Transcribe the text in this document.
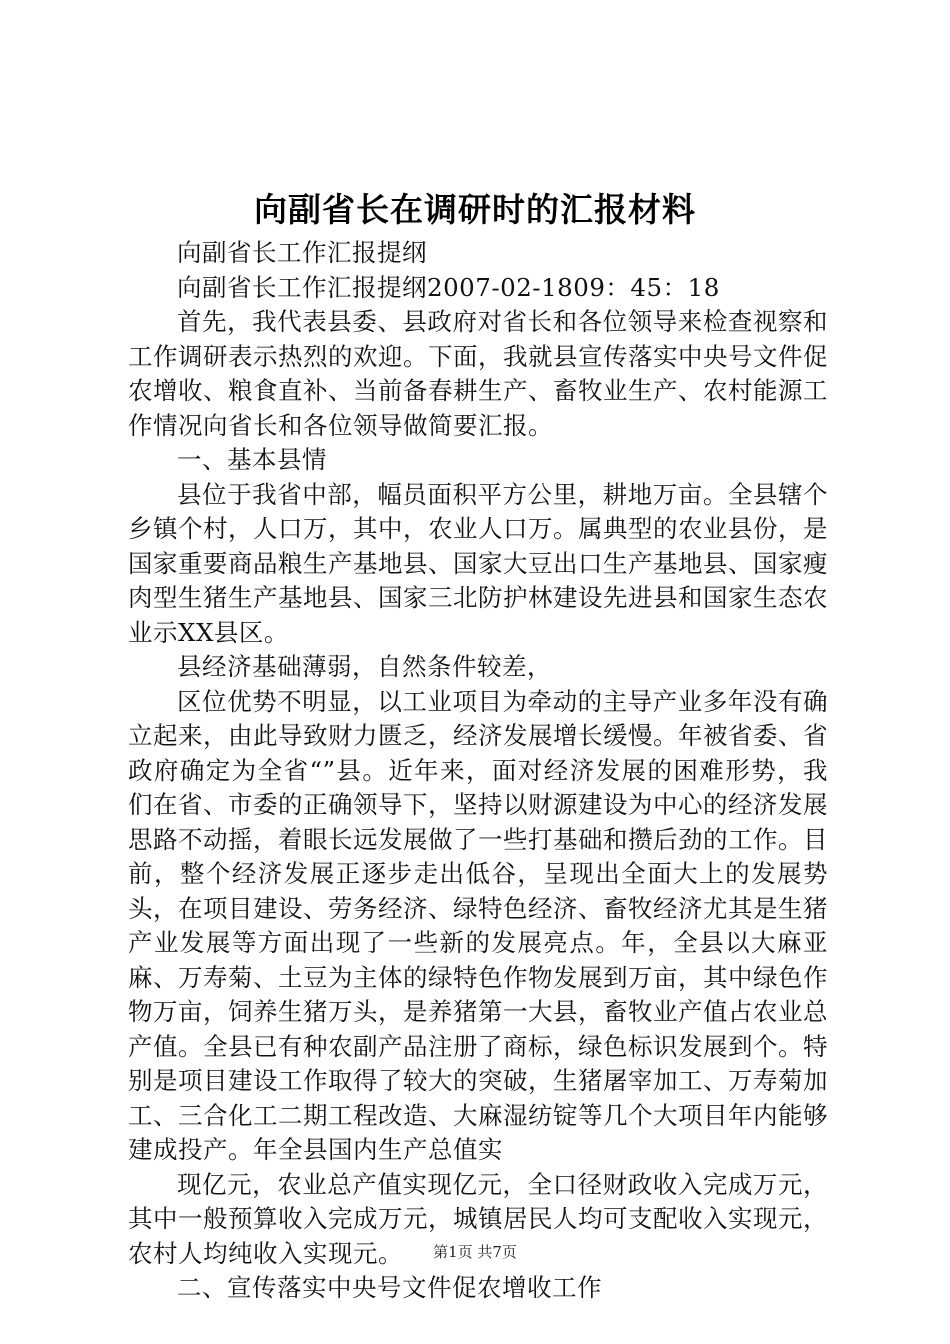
向副省长在调研时的汇报材料

向副省长工作汇报提纲

向副省长工作汇报提纲2007-02-1809：45：18

首先，我代表县委、县政府对省长和各位领导来检查视察和工作调研表示热烈的欢迎。下面，我就县宣传落实中央号文件促农增收、粮食直补、当前备春耕生产、畜牧业生产、农村能源工作情况向省长和各位领导做简要汇报。

一、基本县情

县位于我省中部，幅员面积平方公里，耕地万亩。全县辖个乡镇个村，人口万，其中，农业人口万。属典型的农业县份，是国家重要商品粮生产基地县、国家大豆出口生产基地县、国家瘦肉型生猪生产基地县、国家三北防护林建设先进县和国家生态农业示XX县区。

县经济基础薄弱，自然条件较差，

区位优势不明显，以工业项目为牵动的主导产业多年没有确立起来，由此导致财力匮乏，经济发展增长缓慢。年被省委、省政府确定为全省“”县。近年来，面对经济发展的困难形势，我们在省、市委的正确领导下，坚持以财源建设为中心的经济发展思路不动摇，着眼长远发展做了一些打基础和攒后劲的工作。目前，整个经济发展正逐步走出低谷，呈现出全面大上的发展势头，在项目建设、劳务经济、绿特色经济、畜牧经济尤其是生猪产业发展等方面出现了一些新的发展亮点。年，全县以大麻亚麻、万寿菊、土豆为主体的绿特色作物发展到万亩，其中绿色作物万亩，饲养生猪万头，是养猪第一大县，畜牧业产值占农业总产值。全县已有种农副产品注册了商标，绿色标识发展到个。特别是项目建设工作取得了较大的突破，生猪屠宰加工、万寿菊加工、三合化工二期工程改造、大麻湿纺锭等几个大项目年内能够建成投产。年全县国内生产总值实

现亿元，农业总产值实现亿元，全口径财政收入完成万元，其中一般预算收入完成万元，城镇居民人均可支配收入实现元，农村人均纯收入实现元。

二、宣传落实中央号文件促农增收工作

第1页 共7页
